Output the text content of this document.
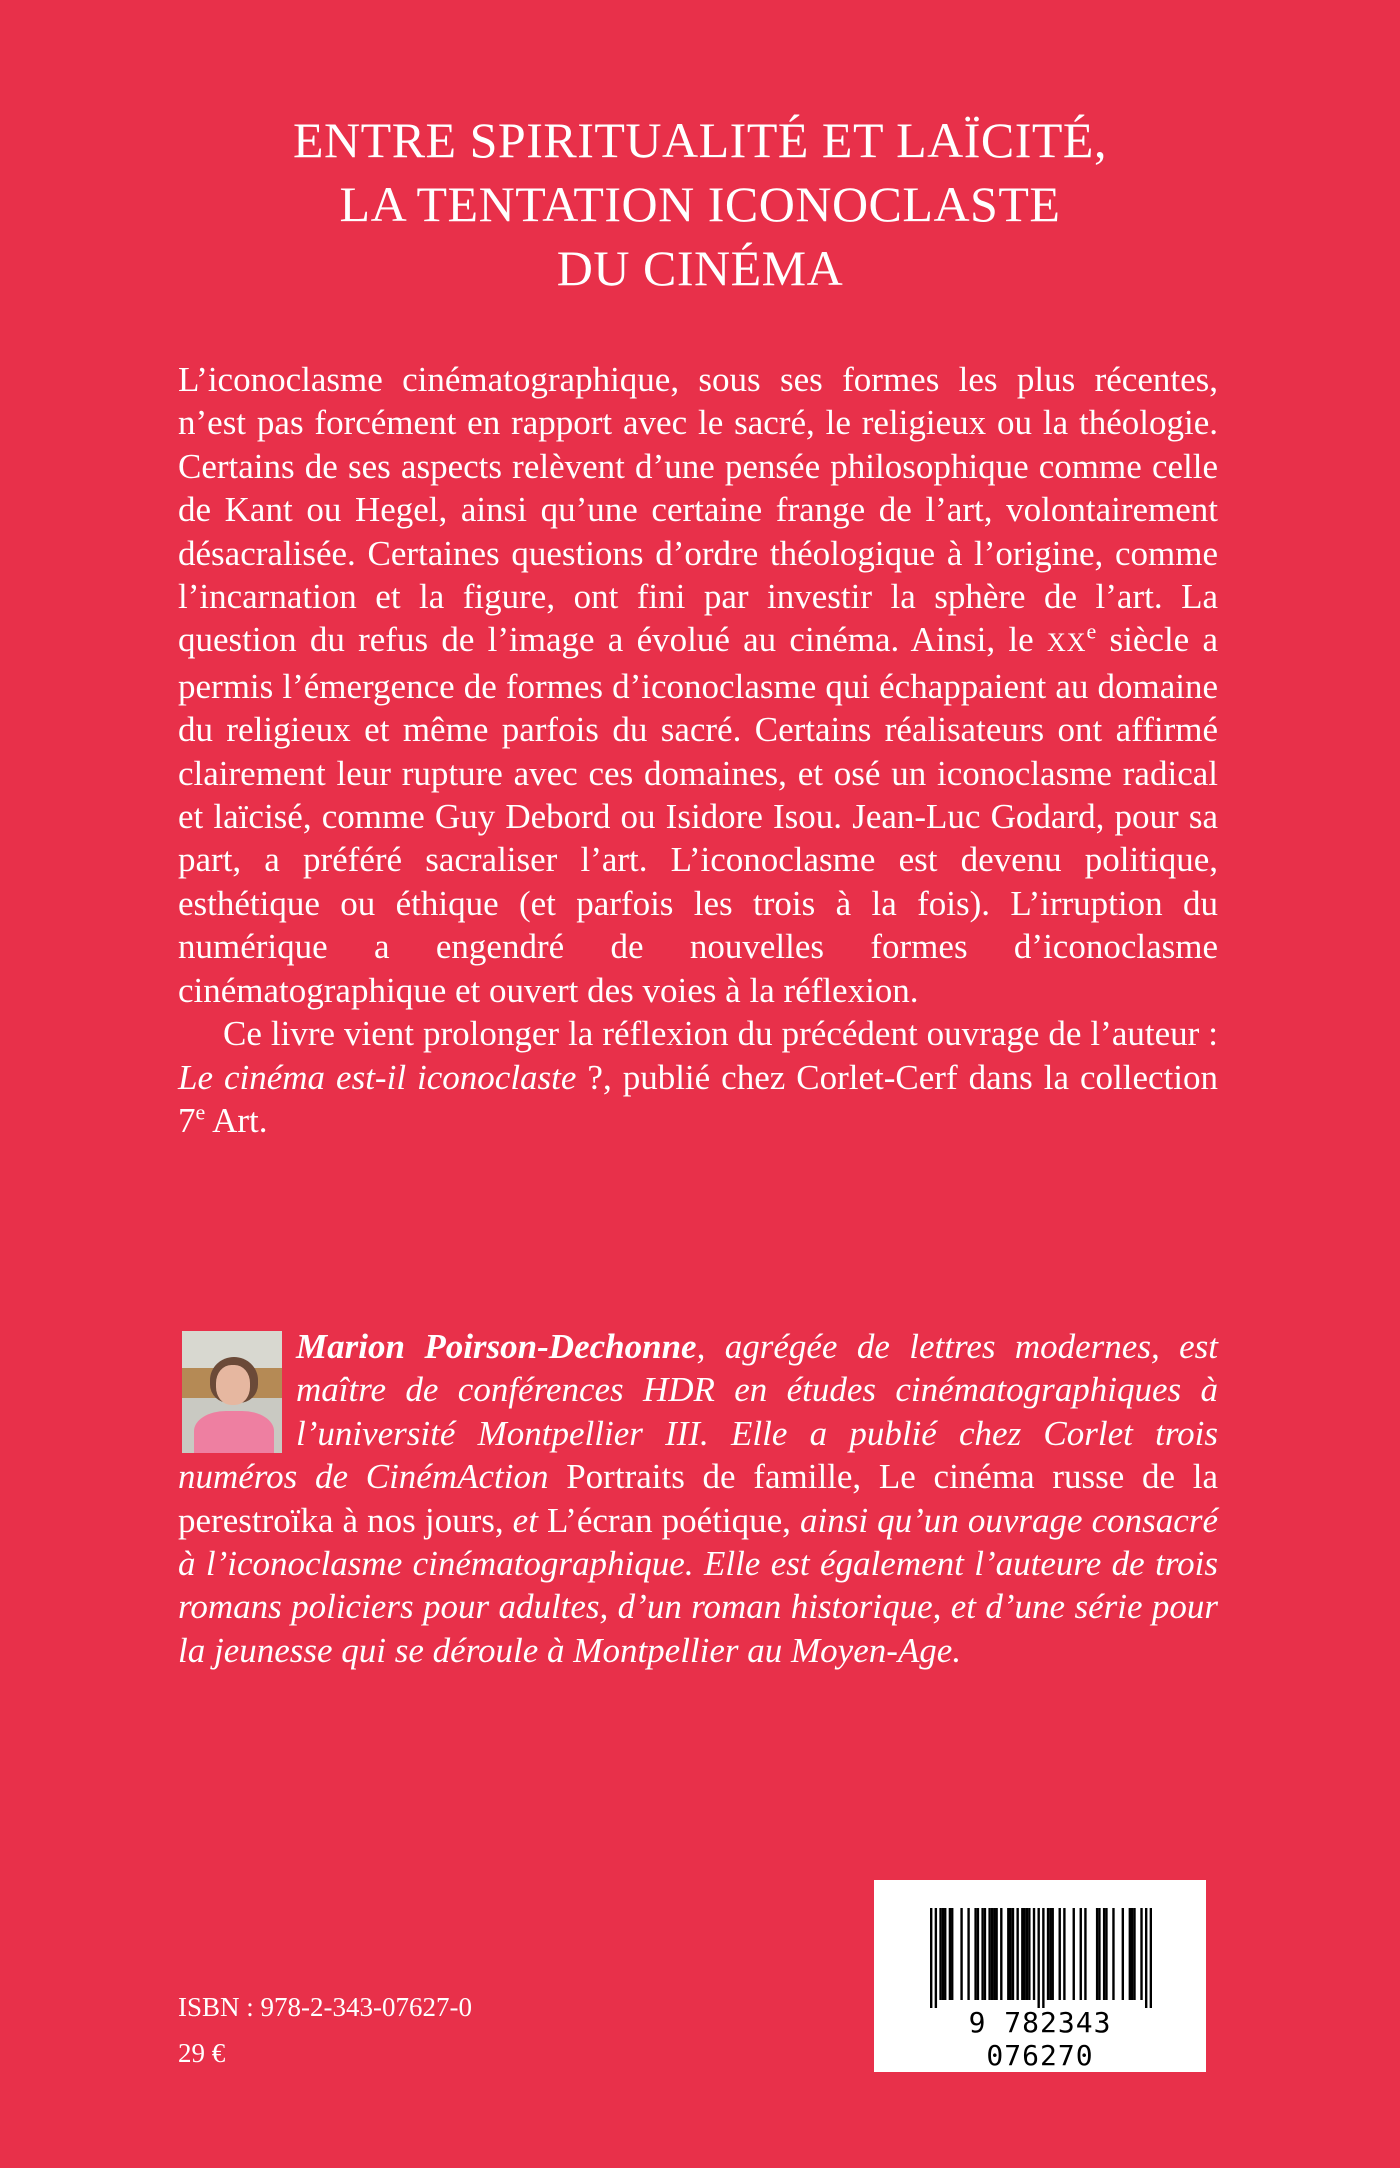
ENTRE SPIRITUALITÉ ET LAÏCITÉ,
LA TENTATION ICONOCLASTE
DU CINÉMA

L’iconoclasme cinématographique, sous ses formes les plus récentes, n’est pas forcément en rapport avec le sacré, le religieux ou la théologie. Certains de ses aspects relèvent d’une pensée philosophique comme celle de Kant ou Hegel, ainsi qu’une certaine frange de l’art, volontairement désacralisée. Certaines questions d’ordre théologique à l’origine, comme l’incarnation et la figure, ont fini par investir la sphère de l’art. La question du refus de l’image a évolué au cinéma. Ainsi, le XXe siècle a permis l’émergence de formes d’iconoclasme qui échappaient au domaine du religieux et même parfois du sacré. Certains réalisateurs ont affirmé clairement leur rupture avec ces domaines, et osé un iconoclasme radical et laïcisé, comme Guy Debord ou Isidore Isou. Jean-Luc Godard, pour sa part, a préféré sacraliser l’art. L’iconoclasme est devenu politique, esthétique ou éthique (et parfois les trois à la fois). L’irruption du numérique a engendré de nouvelles formes d’iconoclasme cinématographique et ouvert des voies à la réflexion.

Ce livre vient prolonger la réflexion du précédent ouvrage de l’auteur : Le cinéma est-il iconoclaste ?, publié chez Corlet-Cerf dans la collection 7e Art.

Marion Poirson-Dechonne, agrégée de lettres modernes, est maître de conférences HDR en études cinématographiques à l’université Montpellier III. Elle a publié chez Corlet trois numéros de CinémAction Portraits de famille, Le cinéma russe de la perestroïka à nos jours, et L’écran poétique, ainsi qu’un ouvrage consacré à l’iconoclasme cinématographique. Elle est également l’auteure de trois romans policiers pour adultes, d’un roman historique, et d’une série pour la jeunesse qui se déroule à Montpellier au Moyen-Age.

ISBN : 978-2-343-07627-0
29 €
9 782343 076270
